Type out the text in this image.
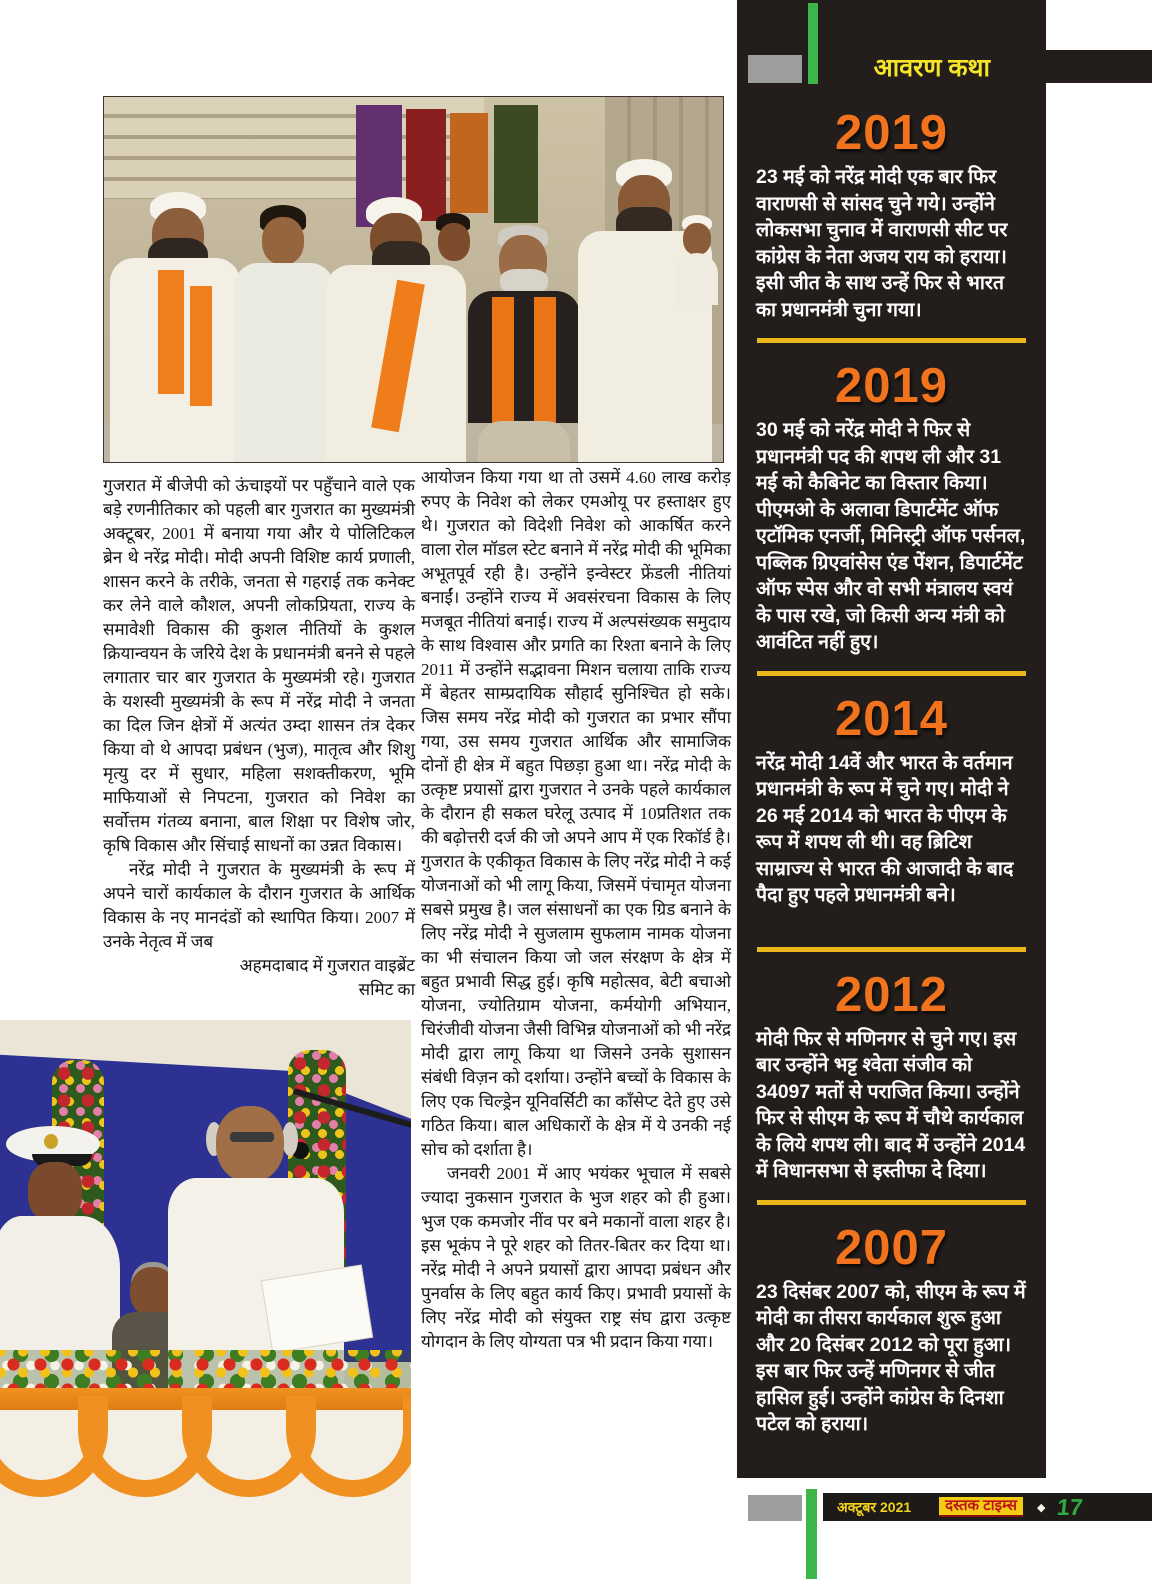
गुजरात में बीजेपी को ऊंचाइयों पर पहुँचाने वाले एक बड़े रणनीतिकार को पहली बार गुजरात का मुख्यमंत्री अक्टूबर, 2001 में बनाया गया और ये पोलिटिकल ब्रेन थे नरेंद्र मोदी। मोदी अपनी विशिष्ट कार्य प्रणाली, शासन करने के तरीके, जनता से गहराई तक कनेक्ट कर लेने वाले कौशल, अपनी लोकप्रियता, राज्य के समावेशी विकास की कुशल नीतियों के कुशल क्रियान्वयन के जरिये देश के प्रधानमंत्री बनने से पहले लगातार चार बार गुजरात के मुख्यमंत्री रहे। गुजरात के यशस्वी मुख्यमंत्री के रूप में नरेंद्र मोदी ने जनता का दिल जिन क्षेत्रों में अत्यंत उम्दा शासन तंत्र देकर किया वो थे आपदा प्रबंधन (भुज), मातृत्व और शिशु मृत्यु दर में सुधार, महिला सशक्तीकरण, भूमि माफियाओं से निपटना, गुजरात को निवेश का सर्वोत्तम गंतव्य बनाना, बाल शिक्षा पर विशेष जोर, कृषि विकास और सिंचाई साधनों का उन्नत विकास।

नरेंद्र मोदी ने गुजरात के मुख्यमंत्री के रूप में अपने चारों कार्यकाल के दौरान गुजरात के आर्थिक विकास के नए मानदंडों को स्थापित किया। 2007 में उनके नेतृत्व में जब

अहमदाबाद में गुजरात वाइब्रेंट
समिट का

आयोजन किया गया था तो उसमें 4.60 लाख करोड़ रुपए के निवेश को लेकर एमओयू पर हस्ताक्षर हुए थे। गुजरात को विदेशी निवेश को आकर्षित करने वाला रोल मॉडल स्टेट बनाने में नरेंद्र मोदी की भूमिका अभूतपूर्व रही है। उन्होंने इन्वेस्टर फ्रेंडली नीतियां बनाईं। उन्होंने राज्य में अवसंरचना विकास के लिए मजबूत नीतियां बनाई। राज्य में अल्पसंख्यक समुदाय के साथ विश्वास और प्रगति का रिश्ता बनाने के लिए 2011 में उन्होंने सद्भावना मिशन चलाया ताकि राज्य में बेहतर साम्प्रदायिक सौहार्द सुनिश्चित हो सके। जिस समय नरेंद्र मोदी को गुजरात का प्रभार सौंपा गया, उस समय गुजरात आर्थिक और सामाजिक दोनों ही क्षेत्र में बहुत पिछड़ा हुआ था। नरेंद्र मोदी के उत्कृष्ट प्रयासों द्वारा गुजरात ने उनके पहले कार्यकाल के दौरान ही सकल घरेलू उत्पाद में 10प्रतिशत तक की बढ़ोत्तरी दर्ज की जो अपने आप में एक रिकॉर्ड है। गुजरात के एकीकृत विकास के लिए नरेंद्र मोदी ने कई योजनाओं को भी लागू किया, जिसमें पंचामृत योजना सबसे प्रमुख है। जल संसाधनों का एक ग्रिड बनाने के लिए नरेंद्र मोदी ने सुजलाम सुफलाम नामक योजना का भी संचालन किया जो जल संरक्षण के क्षेत्र में बहुत प्रभावी सिद्ध हुई। कृषि महोत्सव, बेटी बचाओ योजना, ज्योतिग्राम योजना, कर्मयोगी अभियान, चिरंजीवी योजना जैसी विभिन्न योजनाओं को भी नरेंद्र मोदी द्वारा लागू किया था जिसने उनके सुशासन संबंधी विज़न को दर्शाया। उन्होंने बच्चों के विकास के लिए एक चिल्ड्रेन यूनिवर्सिटी का कॉंसेप्ट देते हुए उसे गठित किया। बाल अधिकारों के क्षेत्र में ये उनकी नई सोच को दर्शाता है।

जनवरी 2001 में आए भयंकर भूचाल में सबसे ज्यादा नुकसान गुजरात के भुज शहर को ही हुआ। भुज एक कमजोर नींव पर बने मकानों वाला शहर है। इस भूकंप ने पूरे शहर को तितर-बितर कर दिया था। नरेंद्र मोदी ने अपने प्रयासों द्वारा आपदा प्रबंधन और पुनर्वास के लिए बहुत कार्य किए। प्रभावी प्रयासों के लिए नरेंद्र मोदी को संयुक्त राष्ट्र संघ द्वारा उत्कृष्ट योगदान के लिए योग्यता पत्र भी प्रदान किया गया।

आवरण कथा
2019
23 मई को नरेंद्र मोदी एक बार फिर वाराणसी से सांसद चुने गये। उन्होंने लोकसभा चुनाव में वाराणसी सीट पर कांग्रेस के नेता अजय राय को हराया। इसी जीत के साथ उन्हें फिर से भारत का प्रधानमंत्री चुना गया।
2019
30 मई को नरेंद्र मोदी ने फिर से प्रधानमंत्री पद की शपथ ली और 31 मई को कैबिनेट का विस्तार किया। पीएमओ के अलावा डिपार्टमेंट ऑफ एटॉमिक एनर्जी, मिनिस्ट्री ऑफ पर्सनल, पब्लिक ग्रिएवांसेस एंड पेंशन, डिपार्टमेंट ऑफ स्पेस और वो सभी मंत्रालय स्वयं के पास रखे, जो किसी अन्य मंत्री को आवंटित नहीं हुए।
2014
नरेंद्र मोदी 14वें और भारत के वर्तमान प्रधानमंत्री के रूप में चुने गए। मोदी ने 26 मई 2014 को भारत के पीएम के रूप में शपथ ली थी। वह ब्रिटिश साम्राज्य से भारत की आजादी के बाद पैदा हुए पहले प्रधानमंत्री बने।
2012
मोदी फिर से मणिनगर से चुने गए। इस बार उन्होंने भट्ट श्वेता संजीव को 34097 मतों से पराजित किया। उन्होंने फिर से सीएम के रूप में चौथे कार्यकाल के लिये शपथ ली। बाद में उन्होंने 2014 में विधानसभा से इस्तीफा दे दिया।
2007
23 दिसंबर 2007 को, सीएम के रूप में मोदी का तीसरा कार्यकाल शुरू हुआ और 20 दिसंबर 2012 को पूरा हुआ। इस बार फिर उन्हें मणिनगर से जीत हासिल हुई। उन्होंने कांग्रेस के दिनशा पटेल को हराया।
अक्टूबर 2021	दस्तक टाइम्स	◆ 17
